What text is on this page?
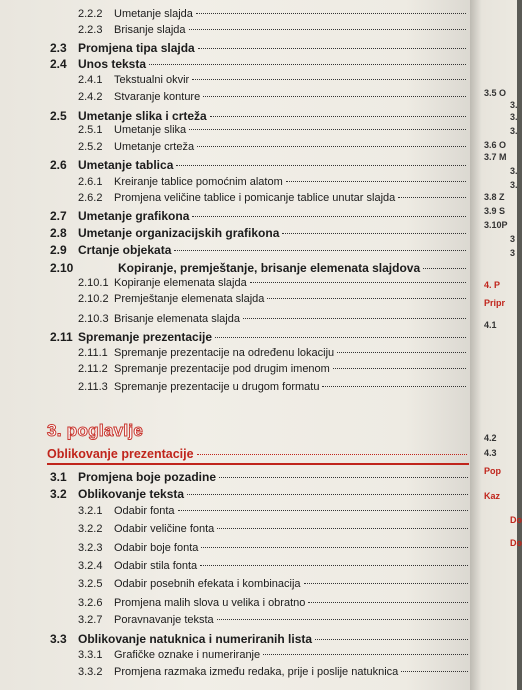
2.2.2	Umetanje slajda
2.2.3	Brisanje slajda
2.3 Promjena tipa slajda
2.4 Unos teksta
2.4.1	Tekstualni okvir
2.4.2	Stvaranje konture
2.5 Umetanje slika i crteža
2.5.1	Umetanje slika
2.5.2	Umetanje crteža
2.6 Umetanje tablica
2.6.1	Kreiranje tablice pomoćnim alatom
2.6.2	Promjena veličine tablice i pomicanje tablice unutar slajda
2.7 Umetanje grafikona
2.8 Umetanje organizacijskih grafikona
2.9 Crtanje objekata
2.10	Kopiranje, premještanje, brisanje elemenata slajdova
2.10.1 Kopiranje elemenata slajda
2.10.2 Premještanje elemenata slajda
2.10.3 Brisanje elemenata slajda
2.11 Spremanje prezentacije
2.11.1 Spremanje prezentacije na određenu lokaciju
2.11.2 Spremanje prezentacije pod drugim imenom
2.11.3 Spremanje prezentacije u drugom formatu
3. poglavlje
Oblikovanje prezentacije
3.1 Promjena boje pozadine
3.2 Oblikovanje teksta
3.2.1	Odabir fonta
3.2.2	Odabir veličine fonta
3.2.3	Odabir boje fonta
3.2.4	Odabir stila fonta
3.2.5	Odabir posebnih efekata i kombinacija
3.2.6	Promjena malih slova u velika i obratno
3.2.7	Poravnavanje teksta
3.3 Oblikovanje natuknica i numeriranih lista
3.3.1	Grafičke oznake i numeriranje
3.3.2	Promjena razmaka između redaka, prije i poslije natuknica
3.5 O
3.
3.
3.
3.6 O
3.7 M
3.
3.
3.8 Z
3.9 S
3.10P
3
3
4. P
Pripr
4.1
4.2
4.3
Pop
Kaz
Do
Do
